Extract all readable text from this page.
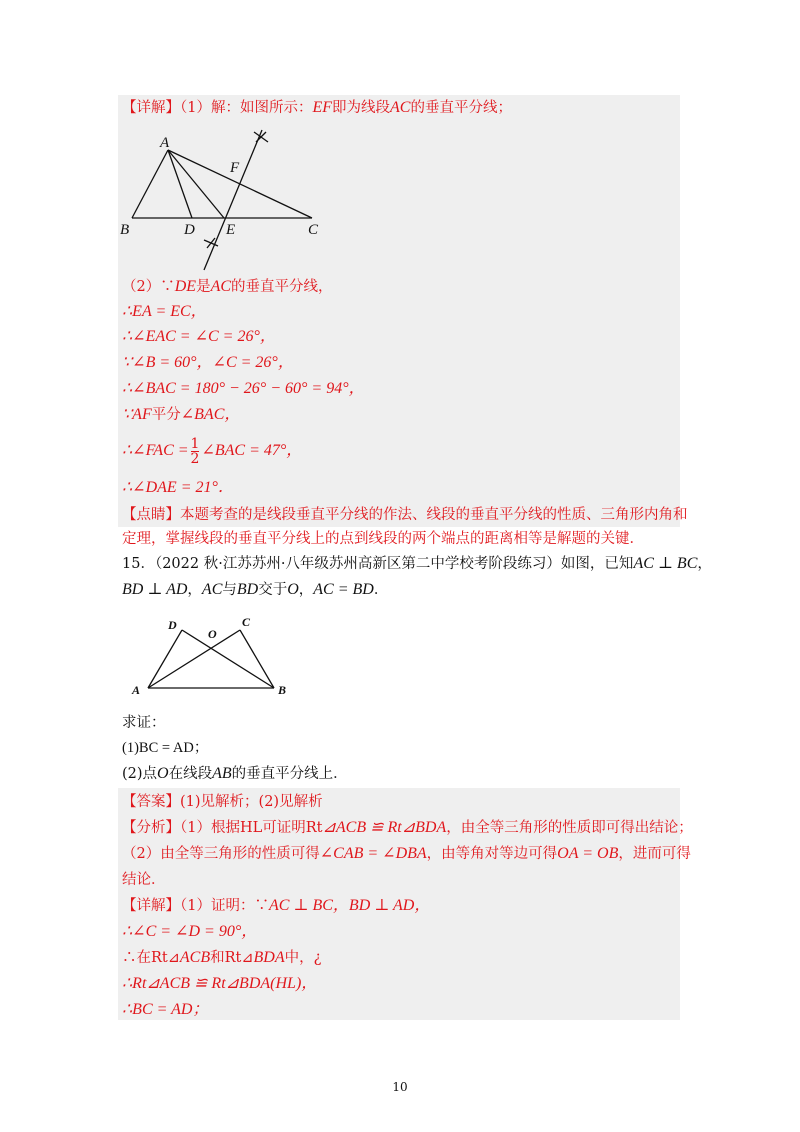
【详解】（1）解：如图所示：EF即为线段AC的垂直平分线；
A
B	D E	C
F
（2）∵DE是AC的垂直平分线，
∴EA = EC，
∴∠EAC = ∠C = 26°，
∵∠B = 60°，∠C = 26°，
∴∠BAC = 180° − 26° − 60° = 94°，
∵AF平分∠BAC，
∴∠FAC = $\frac{1}{2}$ ∠BAC = 47°，
∴∠DAE = 21°．
【点睛】本题考查的是线段垂直平分线的作法、线段的垂直平分线的性质、三角形内角和
定理，掌握线段的垂直平分线上的点到线段的两个端点的距离相等是解题的关键．
15．（2022 秋·江苏苏州·八年级苏州高新区第二中学校考阶段练习）如图，已知AC ⊥ BC，
BD ⊥ AD，AC与BD交于O，AC = BD．
D
O
C
A	B
求证：
(1)BC = AD；
(2)点O在线段AB的垂直平分线上．
【答案】(1)见解析；(2)见解析
【分析】（1）根据HL可证明Rt⊿ACB ≌ Rt⊿BDA，由全等三角形的性质即可得出结论；
（2）由全等三角形的性质可得∠CAB = ∠DBA，由等角对等边可得OA = OB，进而可得
结论．
【详解】（1）证明：∵AC ⊥ BC，BD ⊥ AD，
∴∠C = ∠D = 90°，
∴在Rt⊿ACB和Rt⊿BDA中，¿
∴Rt⊿ACB ≌ Rt⊿BDA(HL)，
∴BC = AD；
10
